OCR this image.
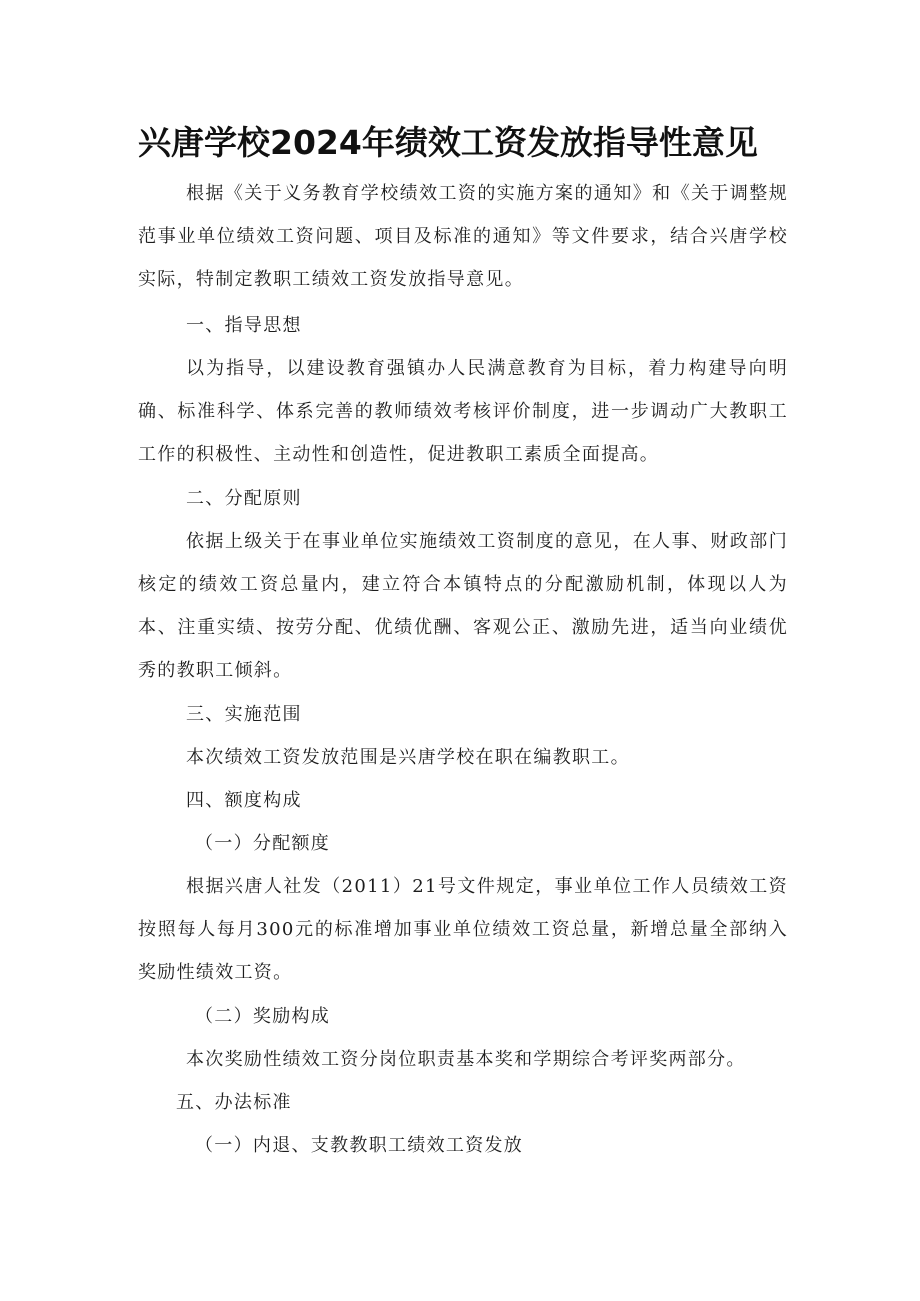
兴唐学校2024年绩效工资发放指导性意见
根据《关于义务教育学校绩效工资的实施方案的通知》和《关于调整规范事业单位绩效工资问题、项目及标准的通知》等文件要求，结合兴唐学校实际，特制定教职工绩效工资发放指导意见。
一、指导思想
以为指导，以建设教育强镇办人民满意教育为目标，着力构建导向明确、标准科学、体系完善的教师绩效考核评价制度，进一步调动广大教职工工作的积极性、主动性和创造性，促进教职工素质全面提高。
二、分配原则
依据上级关于在事业单位实施绩效工资制度的意见，在人事、财政部门核定的绩效工资总量内，建立符合本镇特点的分配激励机制，体现以人为本、注重实绩、按劳分配、优绩优酬、客观公正、激励先进，适当向业绩优秀的教职工倾斜。
三、实施范围
本次绩效工资发放范围是兴唐学校在职在编教职工。
四、额度构成
（一）分配额度
根据兴唐人社发（2011）21号文件规定，事业单位工作人员绩效工资按照每人每月300元的标准增加事业单位绩效工资总量，新增总量全部纳入奖励性绩效工资。
（二）奖励构成
本次奖励性绩效工资分岗位职责基本奖和学期综合考评奖两部分。
五、办法标准
（一）内退、支教教职工绩效工资发放
